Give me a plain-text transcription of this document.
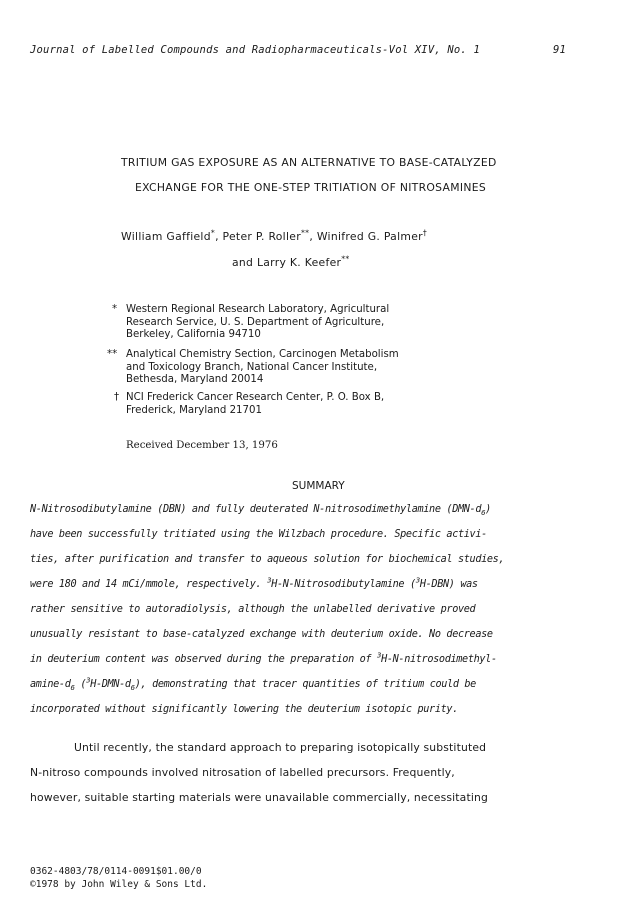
Journal of Labelled Compounds and Radiopharmaceuticals-Vol XIV, No. 1	91
TRITIUM GAS EXPOSURE AS AN ALTERNATIVE TO BASE-CATALYZED
EXCHANGE FOR THE ONE-STEP TRITIATION OF NITROSAMINES
William Gaffield*, Peter P. Roller**, Winifred G. Palmer†
and Larry K. Keefer**
* Western Regional Research Laboratory, Agricultural
Research Service, U. S. Department of Agriculture,
Berkeley, California 94710
** Analytical Chemistry Section, Carcinogen Metabolism
and Toxicology Branch, National Cancer Institute,
Bethesda, Maryland 20014
† NCI Frederick Cancer Research Center, P. O. Box B,
Frederick, Maryland 21701
Received December 13, 1976
SUMMARY
N-Nitrosodibutylamine (DBN) and fully deuterated N-nitrosodimethylamine $(DMN-d_6)$
have been successfully tritiated using the Wilzbach procedure. Specific activi-
ties, after purification and transfer to aqueous solution for biochemical studies,
were 180 and 14 mCi/mmole, respectively. $^3$H-N-Nitrosodibutylamine ($^3$H-DBN) was
rather sensitive to autoradiolysis, although the unlabelled derivative proved
unusually resistant to base-catalyzed exchange with deuterium oxide. No decrease
in deuterium content was observed during the preparation of $^3$H-N-nitrosodimethyl-
amine-$d_6$ $(^3H-DMN-d_6)$, demonstrating that tracer quantities of tritium could be
incorporated without significantly lowering the deuterium isotopic purity.
Until recently, the standard approach to preparing isotopically substituted
N-nitroso compounds involved nitrosation of labelled precursors. Frequently,
however, suitable starting materials were unavailable commercially, necessitating
0362-4803/78/0114-0091$01.00/0
©1978 by John Wiley & Sons Ltd.
